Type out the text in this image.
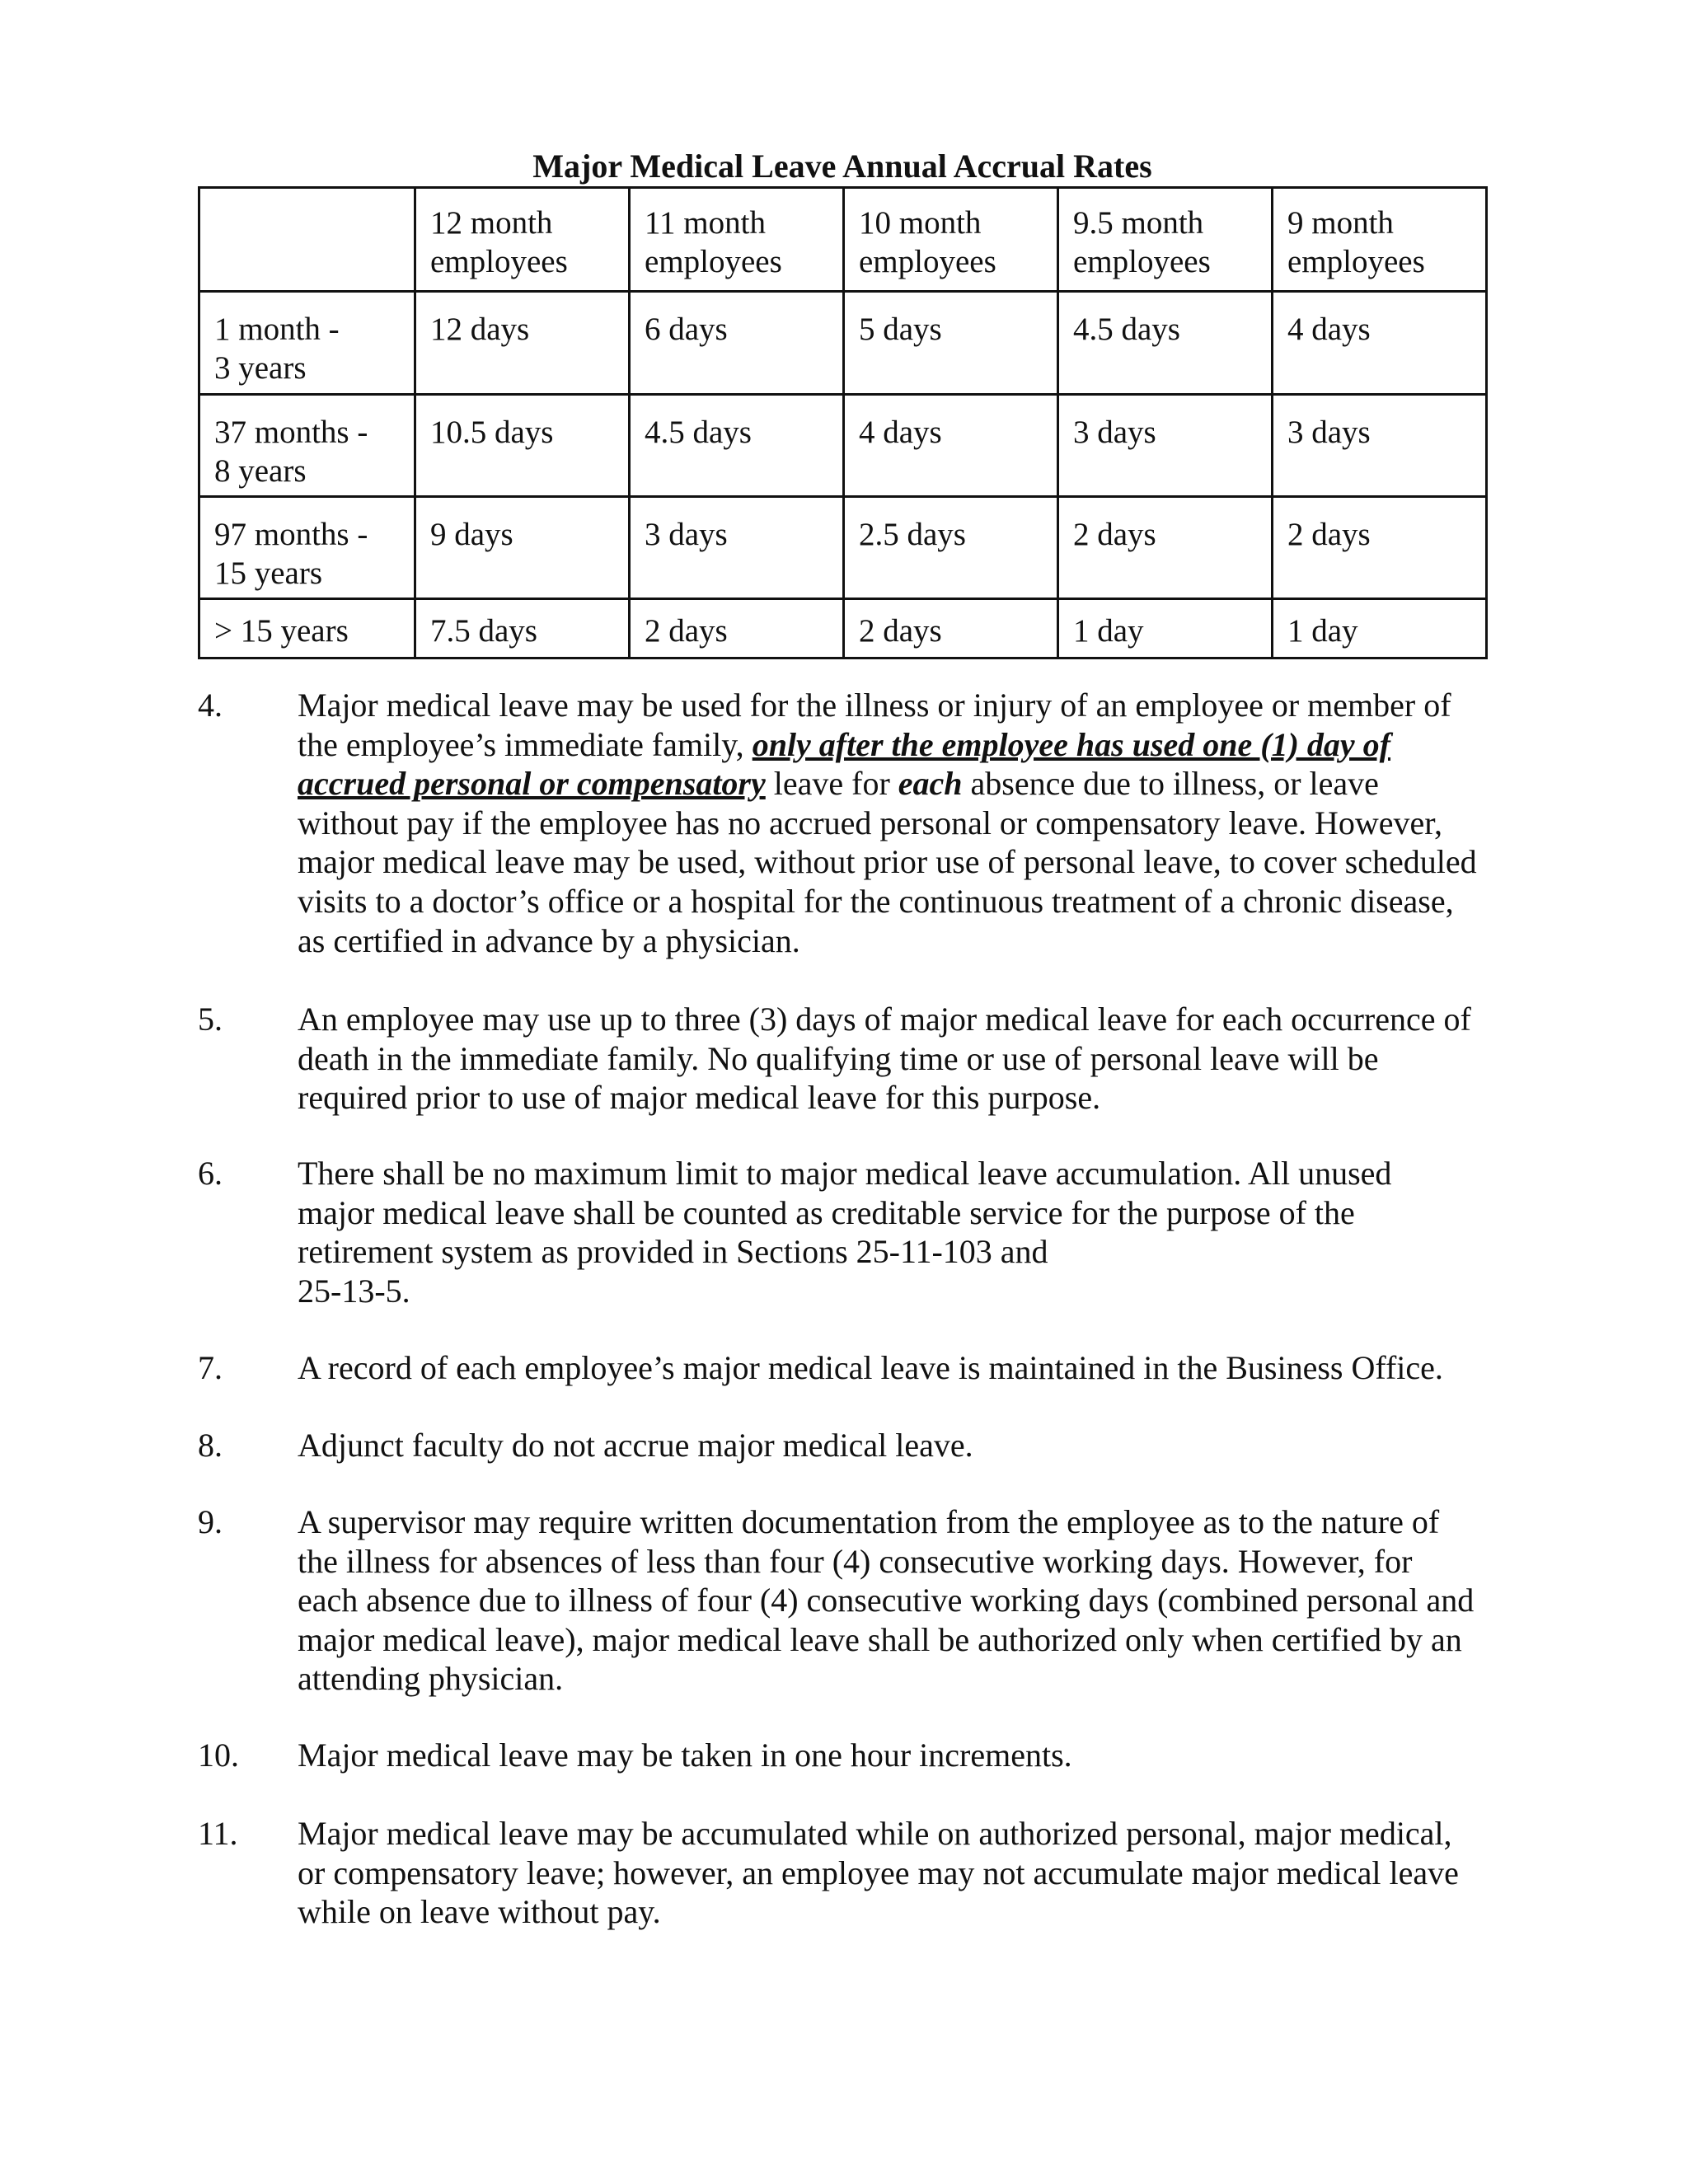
Major Medical Leave Annual Accrual Rates
	12 month
employees	11 month
employees	10 month
employees	9.5 month
employees	9 month
employees
1 month -
3 years	12 days	6 days	5 days	4.5 days	4 days
37 months -
8 years	10.5 days	4.5 days	4 days	3 days	3 days
97 months -
15 years	9 days	3 days	2.5 days	2 days	2 days
> 15 years	7.5 days	2 days	2 days	1 day	1 day
4. Major medical leave may be used for the illness or injury of an employee or member of
the employee’s immediate family, only after the employee has used one (1) day of
accrued personal or compensatory leave for each absence due to illness, or leave
without pay if the employee has no accrued personal or compensatory leave. However,
major medical leave may be used, without prior use of personal leave, to cover scheduled
visits to a doctor’s office or a hospital for the continuous treatment of a chronic disease,
as certified in advance by a physician.
5. An employee may use up to three (3) days of major medical leave for each occurrence of
death in the immediate family. No qualifying time or use of personal leave will be
required prior to use of major medical leave for this purpose.
6. There shall be no maximum limit to major medical leave accumulation. All unused
major medical leave shall be counted as creditable service for the purpose of the
retirement system as provided in Sections 25-11-103 and
25-13-5.
7. A record of each employee’s major medical leave is maintained in the Business Office.
8. Adjunct faculty do not accrue major medical leave.
9. A supervisor may require written documentation from the employee as to the nature of
the illness for absences of less than four (4) consecutive working days. However, for
each absence due to illness of four (4) consecutive working days (combined personal and
major medical leave), major medical leave shall be authorized only when certified by an
attending physician.
10. Major medical leave may be taken in one hour increments.
11. Major medical leave may be accumulated while on authorized personal, major medical,
or compensatory leave; however, an employee may not accumulate major medical leave
while on leave without pay.
